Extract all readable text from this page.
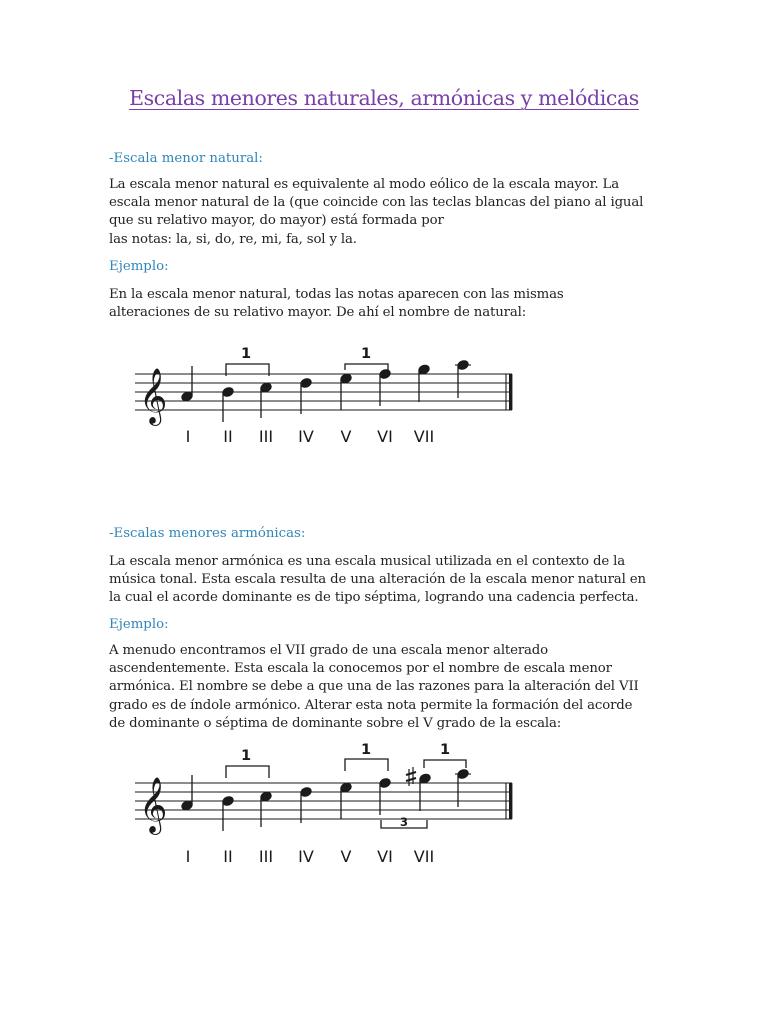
Escalas menores naturales, armónicas y melódicas
-Escala menor natural:
La escala menor natural es equivalente al modo eólico de la escala mayor. La
escala menor natural de la (que coincide con las teclas blancas del piano al igual
que su relativo mayor, do mayor) está formada por
las notas: la, si, do, re, mi, fa, sol y la.
Ejemplo:
En la escala menor natural, todas las notas aparecen con las mismas
alteraciones de su relativo mayor. De ahí el nombre de natural:
𝄞
1	1
I II III IV V VI VII
-Escalas menores armónicas:
La escala menor armónica es una escala musical utilizada en el contexto de la
música tonal. Esta escala resulta de una alteración de la escala menor natural en
la cual el acorde dominante es de tipo séptima, logrando una cadencia perfecta.
Ejemplo:
A menudo encontramos el VII grado de una escala menor alterado
ascendentemente. Esta escala la conocemos por el nombre de escala menor
armónica. El nombre se debe a que una de las razones para la alteración del VII
grado es de índole armónico. Alterar esta nota permite la formación del acorde
de dominante o séptima de dominante sobre el V grado de la escala:
𝄞
1	1	1
3
I II III IV V VI VII
